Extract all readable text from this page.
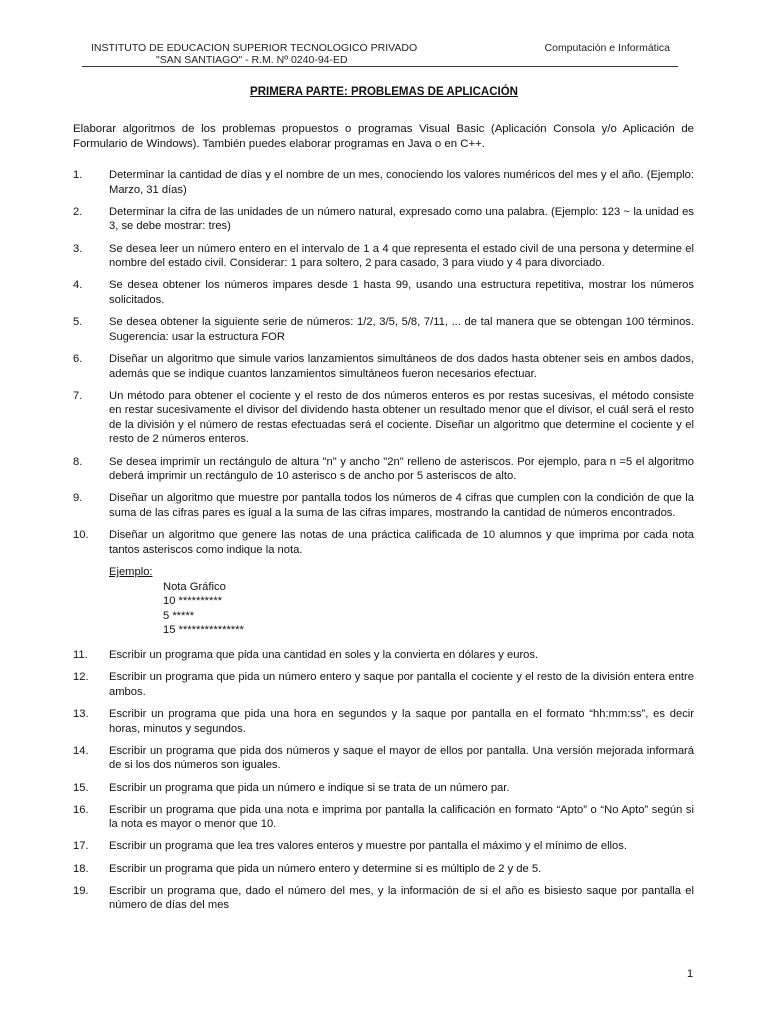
INSTITUTO DE EDUCACION SUPERIOR TECNOLOGICO PRIVADO
"SAN SANTIAGO" - R.M. Nº 0240-94-ED
Computación e Informática
PRIMERA PARTE: PROBLEMAS DE APLICACIÓN
Elaborar algoritmos de los problemas propuestos o programas Visual Basic (Aplicación Consola y/o Aplicación de Formulario de Windows). También puedes elaborar programas en Java o en C++.
1.	Determinar la cantidad de días y el nombre de un mes, conociendo los valores numéricos del mes y el año. (Ejemplo: Marzo, 31 días)
2.	Determinar la cifra de las unidades de un número natural, expresado como una palabra. (Ejemplo: 123 ~ la unidad es 3, se debe mostrar: tres)
3.	Se desea leer un número entero en el intervalo de 1 a 4 que representa el estado civil de una persona y determine el nombre del estado civil. Considerar: 1 para soltero, 2 para casado, 3 para viudo y 4 para divorciado.
4.	Se desea obtener los números impares desde 1 hasta 99, usando una estructura repetitiva, mostrar los números solicitados.
5.	Se desea obtener la siguiente serie de números: 1/2, 3/5, 5/8, 7/11, ... de tal manera que se obtengan 100 términos. Sugerencia: usar la estructura FOR
6.	Diseñar un algoritmo que simule varios lanzamientos simultáneos de dos dados hasta obtener seis en ambos dados, además que se indique cuantos lanzamientos simultáneos fueron necesarios efectuar.
7.	Un método para obtener el cociente y el resto de dos números enteros es por restas sucesivas, el método consiste en restar sucesivamente el divisor del dividendo hasta obtener un resultado menor que el divisor, el cuál será el resto de la división y el número de restas efectuadas será el cociente. Diseñar un algoritmo que determine el cociente y el resto de 2 números enteros.
8.	Se desea imprimir un rectángulo de altura "n" y ancho "2n" relleno de asteriscos. Por ejemplo, para n =5 el algoritmo deberá imprimir un rectángulo de 10 asterisco s de ancho por 5 asteriscos de alto.
9.	Diseñar un algoritmo que muestre por pantalla todos los números de 4 cifras que cumplen con la condición de que la suma de las cifras pares es igual a la suma de las cifras impares, mostrando la cantidad de números encontrados.
10.	Diseñar un algoritmo que genere las notas de una práctica calificada de 10 alumnos y que imprima por cada nota tantos asteriscos como indique la nota.
Ejemplo:
Nota Gráfico
10 **********
5 *****
15 ***************
11.	Escribir un programa que pida una cantidad en soles y la convierta en dólares y euros.
12.	Escribir un programa que pida un número entero y saque por pantalla el cociente y el resto de la división entera entre ambos.
13.	Escribir un programa que pida una hora en segundos y la saque por pantalla en el formato “hh:mm:ss”, es decir horas, minutos y segundos.
14.	Escribir un programa que pida dos números y saque el mayor de ellos por pantalla. Una versión mejorada informará de si los dos números son iguales.
15.	Escribir un programa que pida un número e indique si se trata de un número par.
16.	Escribir un programa que pida una nota e imprima por pantalla la calificación en formato “Apto” o “No Apto” según si la nota es mayor o menor que 10.
17.	Escribir un programa que lea tres valores enteros y muestre por pantalla el máximo y el mínimo de ellos.
18.	Escribir un programa que pida un número entero y determine si es múltiplo de 2 y de 5.
19.	Escribir un programa que, dado el número del mes, y la información de si el año es bisiesto saque por pantalla el número de días del mes
1
